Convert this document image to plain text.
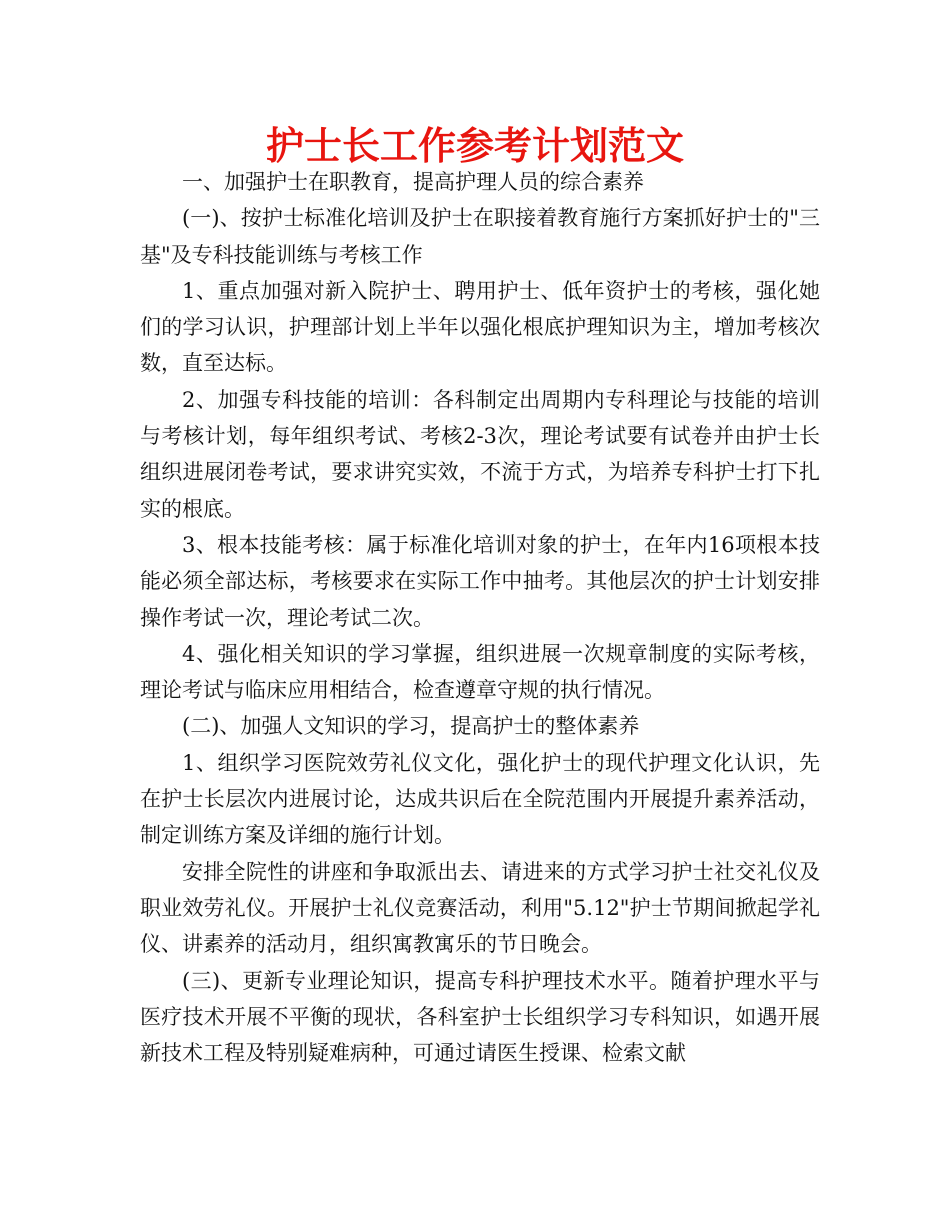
护士长工作参考计划范文

一、加强护士在职教育，提高护理人员的综合素养

(一)、按护士标准化培训及护士在职接着教育施行方案抓好护士的"三基"及专科技能训练与考核工作

1、重点加强对新入院护士、聘用护士、低年资护士的考核，强化她们的学习认识，护理部计划上半年以强化根底护理知识为主，增加考核次数，直至达标。

2、加强专科技能的培训：各科制定出周期内专科理论与技能的培训与考核计划，每年组织考试、考核2-3次，理论考试要有试卷并由护士长组织进展闭卷考试，要求讲究实效，不流于方式，为培养专科护士打下扎实的根底。

3、根本技能考核：属于标准化培训对象的护士，在年内16项根本技能必须全部达标，考核要求在实际工作中抽考。其他层次的护士计划安排操作考试一次，理论考试二次。

4、强化相关知识的学习掌握，组织进展一次规章制度的实际考核，理论考试与临床应用相结合，检查遵章守规的执行情况。

(二)、加强人文知识的学习，提高护士的整体素养

1、组织学习医院效劳礼仪文化，强化护士的现代护理文化认识，先在护士长层次内进展讨论，达成共识后在全院范围内开展提升素养活动，制定训练方案及详细的施行计划。

安排全院性的讲座和争取派出去、请进来的方式学习护士社交礼仪及职业效劳礼仪。开展护士礼仪竞赛活动，利用"5.12"护士节期间掀起学礼仪、讲素养的活动月，组织寓教寓乐的节日晚会。

(三)、更新专业理论知识，提高专科护理技术水平。随着护理水平与医疗技术开展不平衡的现状，各科室护士长组织学习专科知识，如遇开展新技术工程及特别疑难病种，可通过请医生授课、检索文献
